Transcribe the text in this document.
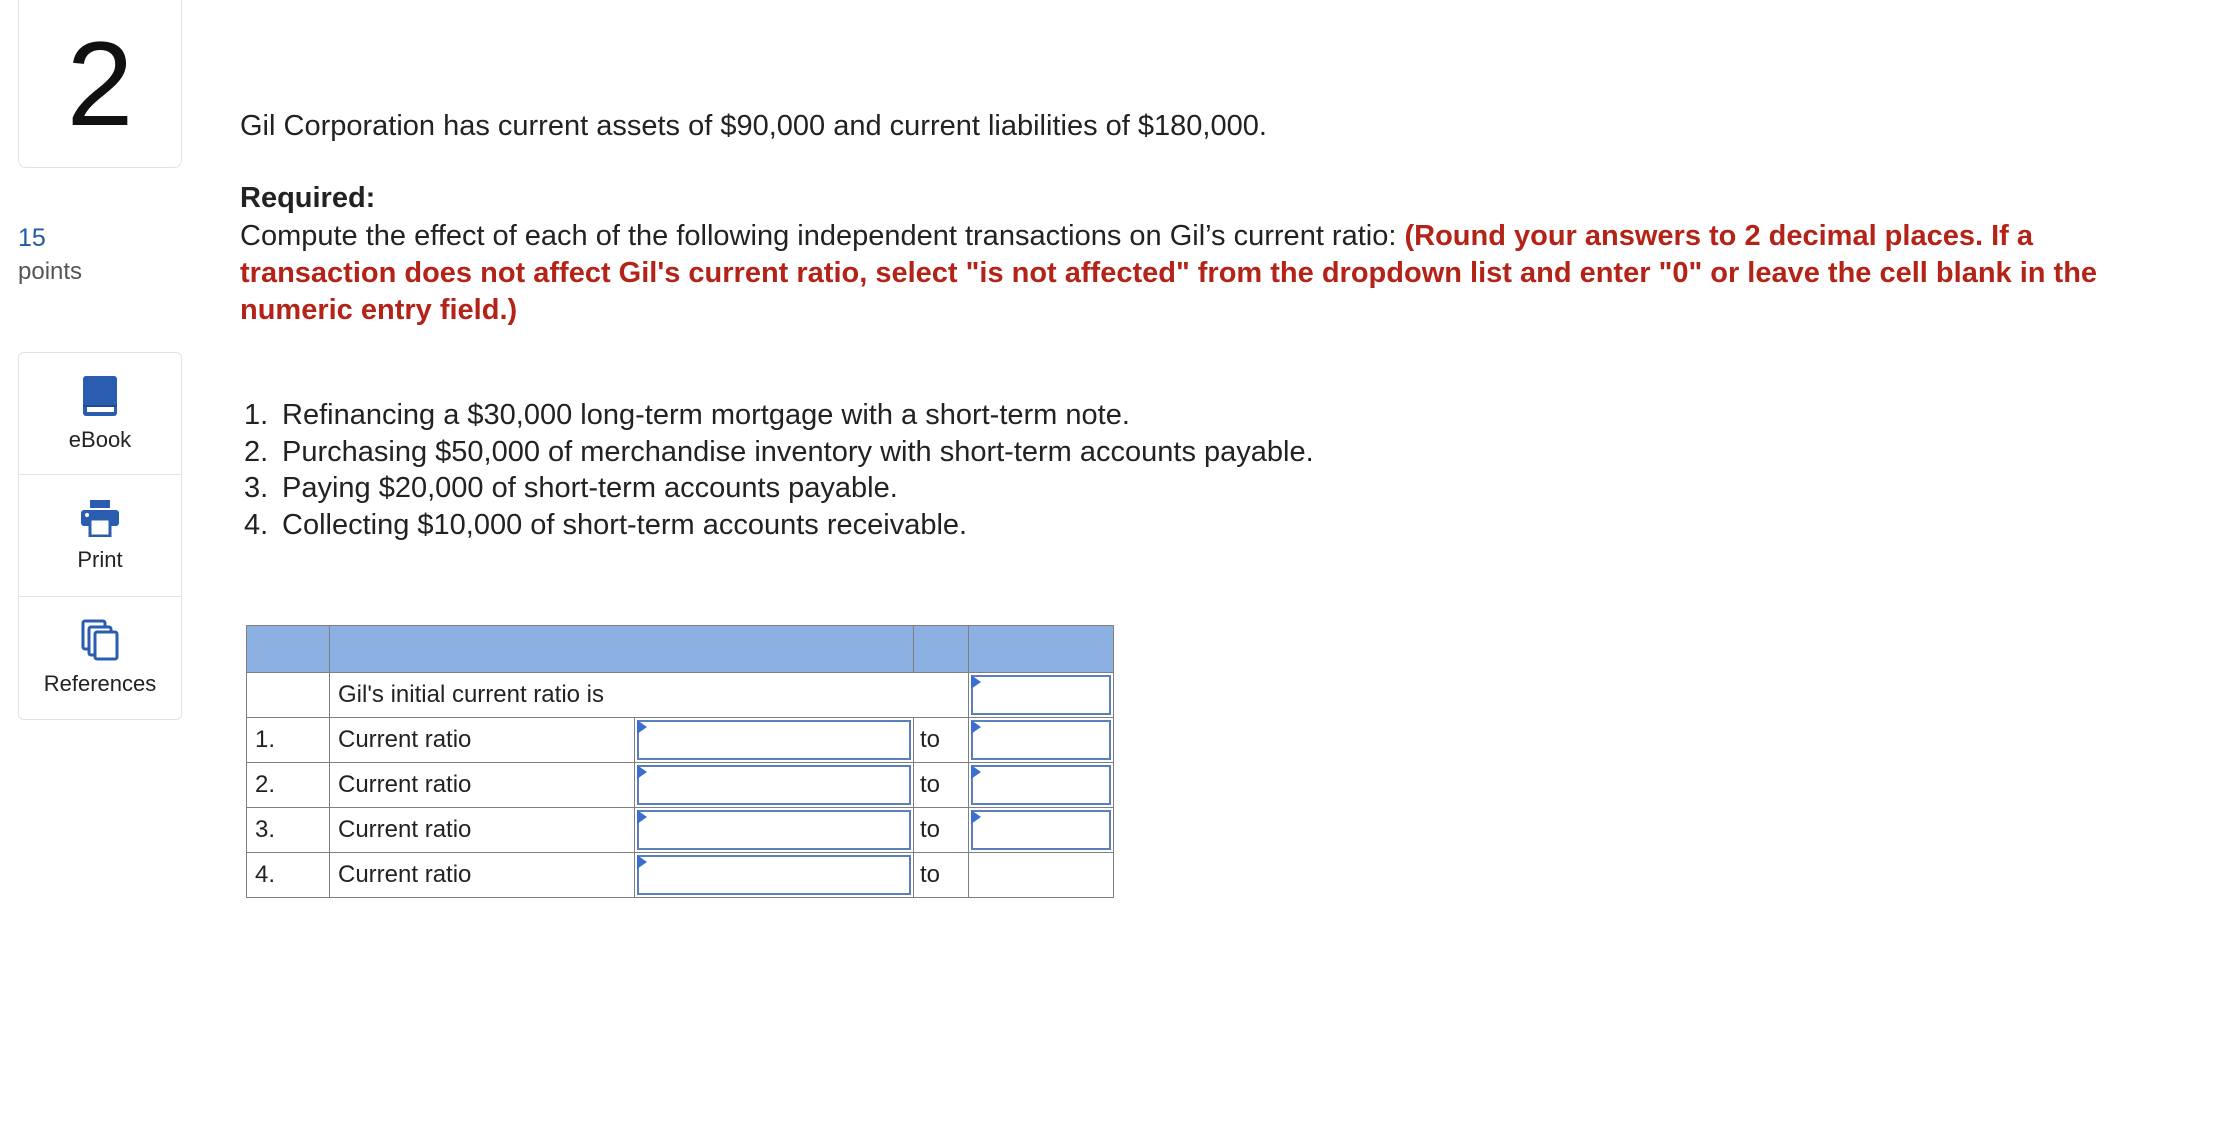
2
15
points
eBook
Print
References
Gil Corporation has current assets of $90,000 and current liabilities of $180,000.
Required:
Compute the effect of each of the following independent transactions on Gil’s current ratio: (Round your answers to 2 decimal places. If a transaction does not affect Gil's current ratio, select "is not affected" from the dropdown list and enter "0" or leave the cell blank in the numeric entry field.)
1. Refinancing a $30,000 long-term mortgage with a short-term note.
2. Purchasing $50,000 of merchandise inventory with short-term accounts payable.
3. Paying $20,000 of short-term accounts payable.
4. Collecting $10,000 of short-term accounts receivable.

	Gil's initial current ratio is			

1.	Current ratio		to	

2.	Current ratio		to	

3.	Current ratio		to	

4.	Current ratio		to	
